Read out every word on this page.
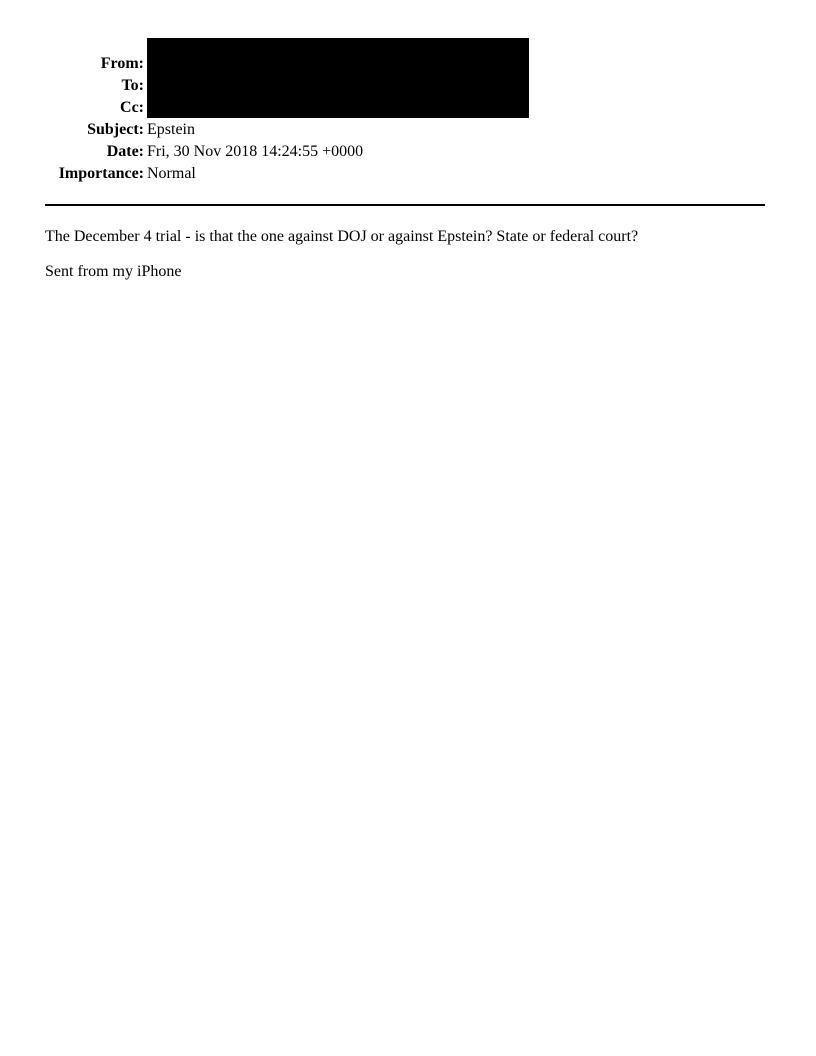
From:
To:
Cc:
Subject: Epstein
Date: Fri, 30 Nov 2018 14:24:55 +0000
Importance: Normal
The December 4 trial - is that the one against DOJ or against Epstein? State or federal court?
Sent from my iPhone
